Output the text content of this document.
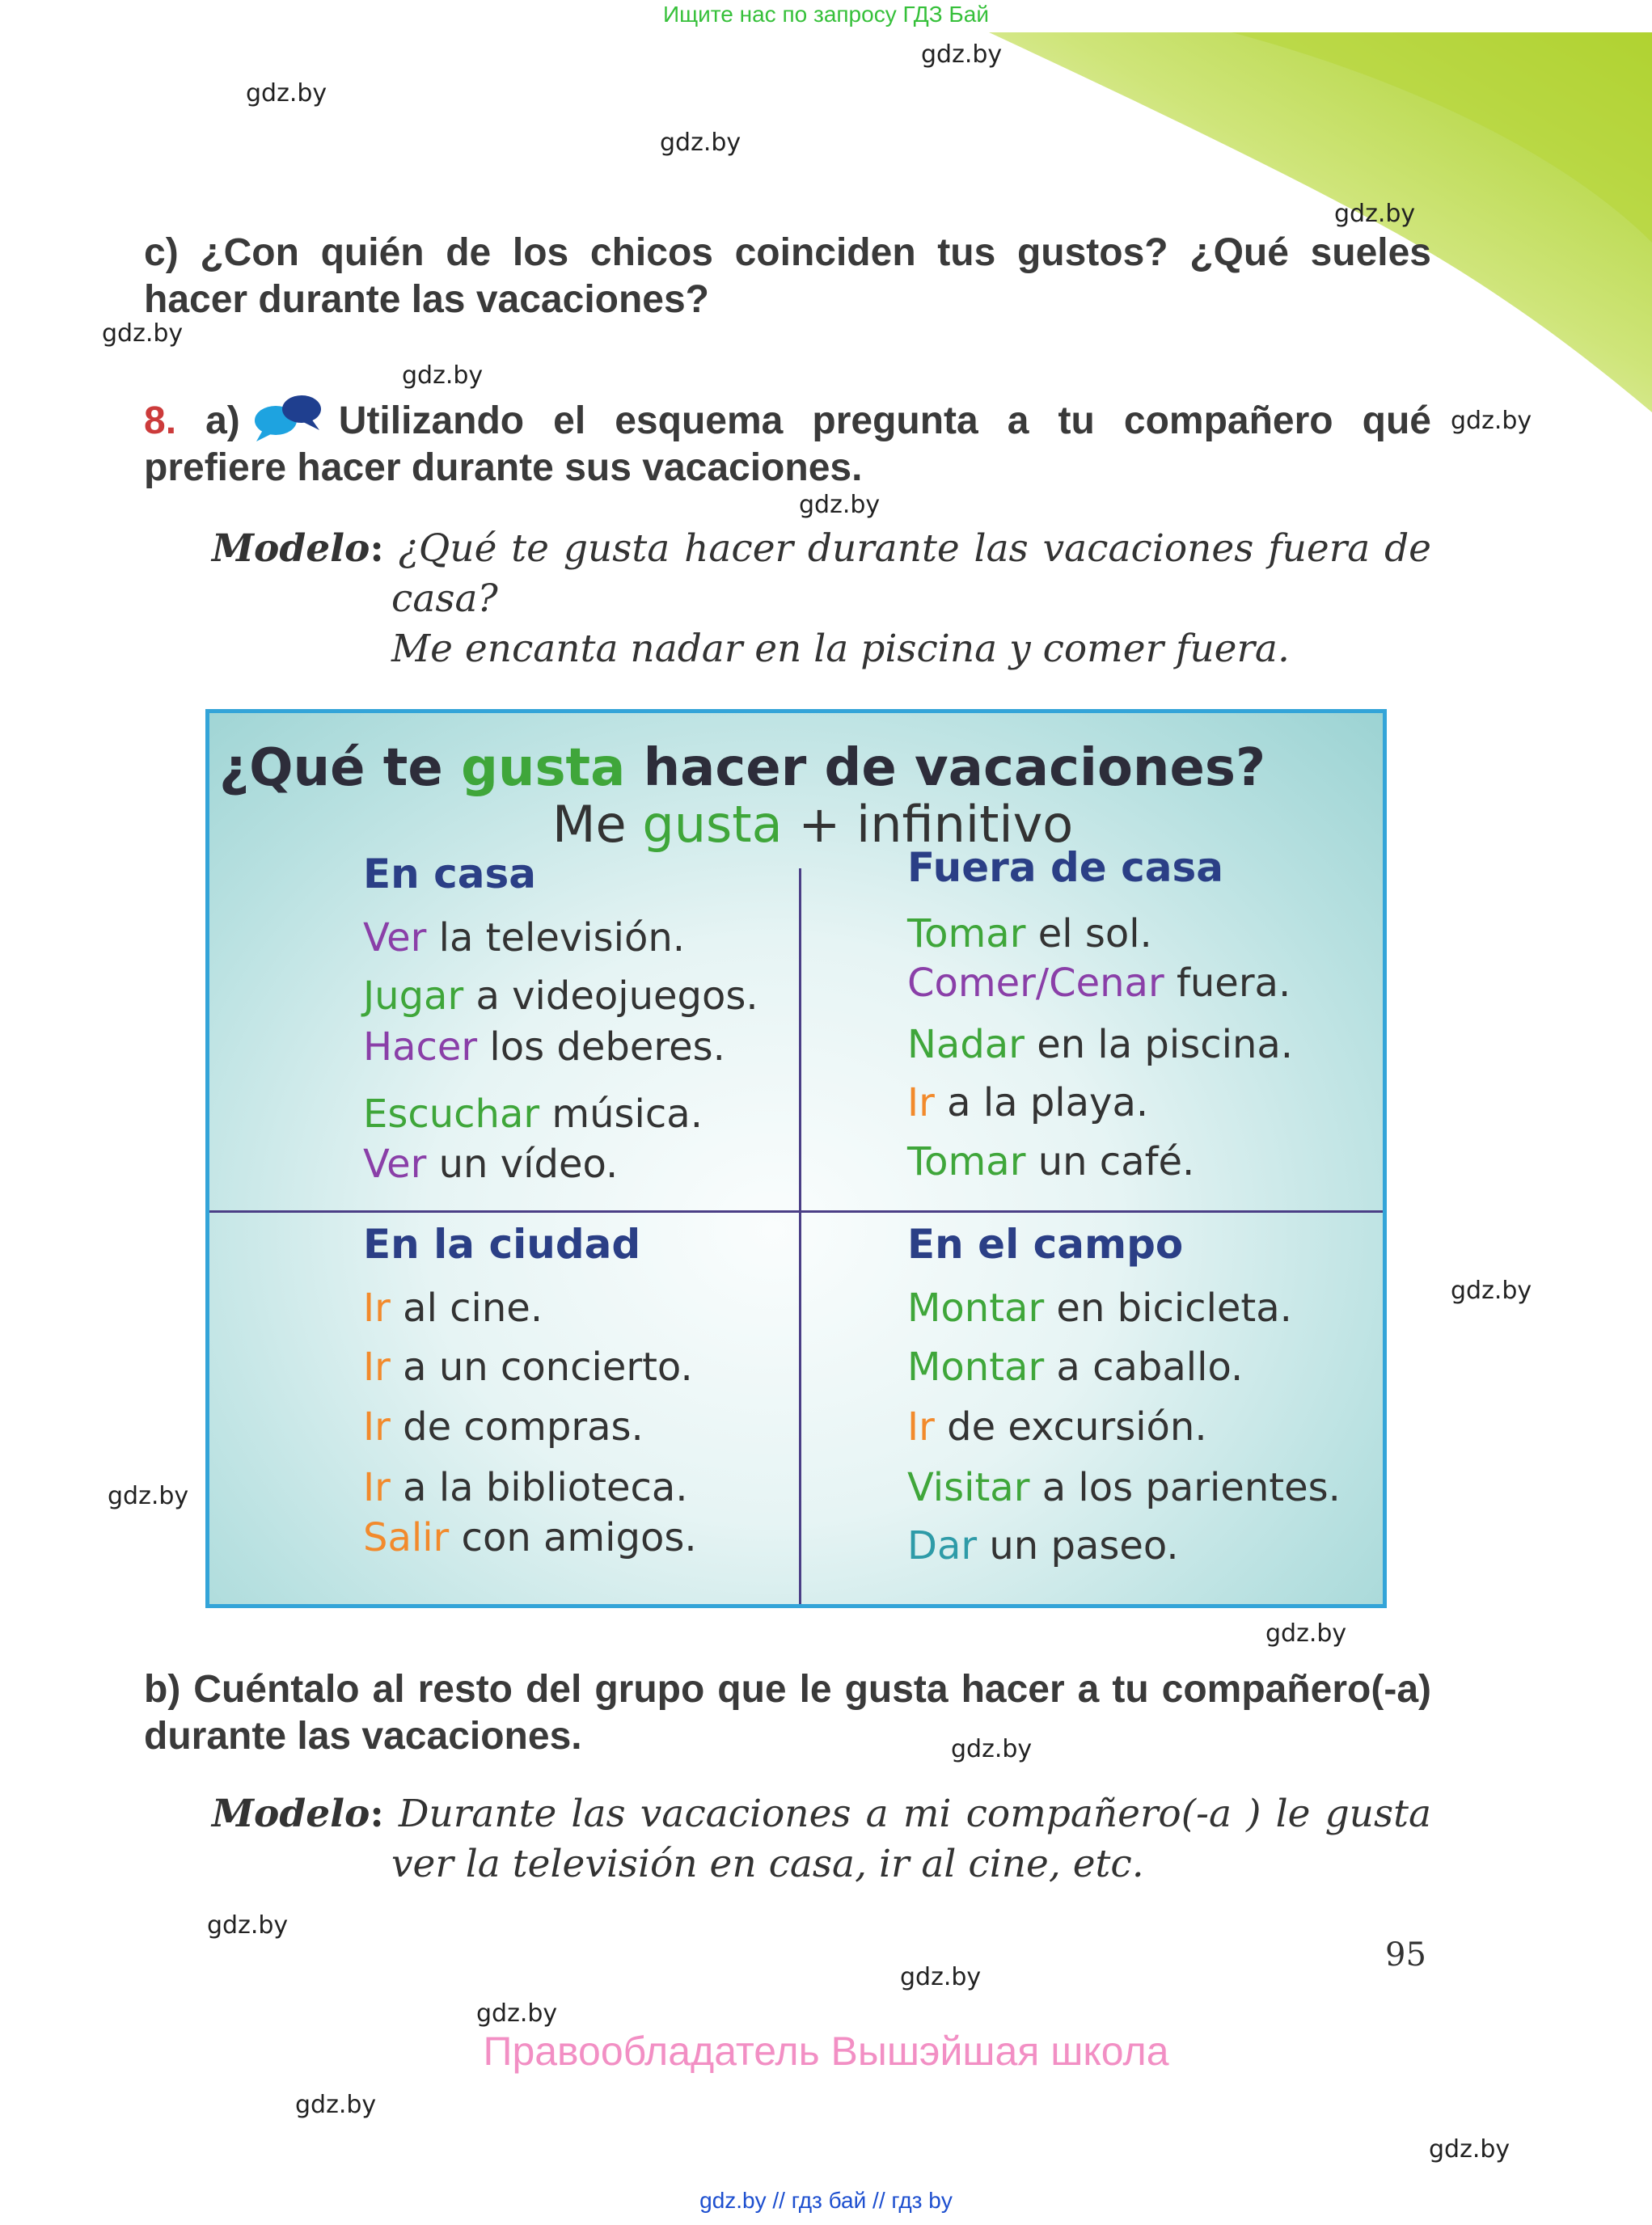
Ищите нас по запросу ГДЗ Бай
gdz.by
gdz.by
gdz.by
gdz.by
gdz.by
gdz.by
gdz.by
gdz.by
gdz.by
gdz.by
gdz.by
gdz.by
gdz.by
gdz.by
gdz.by
gdz.by
gdz.by
c) ¿Con quién de los chicos coinciden tus gustos? ¿Qué sueles hacer durante las vacaciones?
8. a)	Utilizando el esquema pregunta a tu compañero qué prefiere hacer durante sus vacaciones.
Modelo: ¿Qué te gusta hacer durante las vacaciones fuera de
casa?
Me encanta nadar en la piscina y comer fuera.
¿Qué te gusta hacer de vacaciones?
Me gusta + infinitivo
En casa
Ver la televisión.
Jugar a videojuegos.
Hacer los deberes.
Escuchar música.
Ver un vídeo.
Fuera de casa
Tomar el sol.
Comer/Cenar fuera.
Nadar en la piscina.
Ir a la playa.
Tomar un café.
En la ciudad
Ir al cine.
Ir a un concierto.
Ir de compras.
Ir a la biblioteca.
Salir con amigos.
En el campo
Montar en bicicleta.
Montar a caballo.
Ir de excursión.
Visitar a los parientes.
Dar un paseo.
b) Cuéntalo al resto del grupo que le gusta hacer a tu compañero(-a) durante las vacaciones.
Modelo: Durante las vacaciones a mi compañero(-a ) le gusta
ver la televisión en casa, ir al cine, etc.
95
Правообладатель Вышэйшая школа
gdz.by // гдз бай // гдз by
